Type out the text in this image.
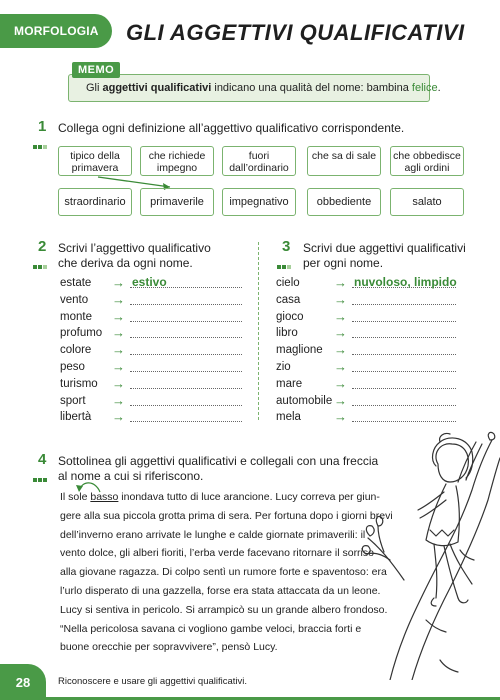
MORFOLOGIA	GLI AGGETTIVI QUALIFICATIVI
MEMO
Gli aggettivi qualificativi indicano una qualità del nome: bambina felice.
1 Collega ogni definizione all’aggettivo qualificativo corrispondente.
tipico della primavera
che richiede impegno
fuori dall’ordinario
che sa di sale	che obbedisce agli ordini
straordinario	primaverile	impegnativo	obbediente	salato
2 Scrivi l’aggettivo qualificativo
che deriva da ogni nome.
estate → estivo
vento →
monte →
profumo →
colore →
peso →
turismo →
sport →
libertà →
3 Scrivi due aggettivi qualificativi
per ogni nome.
cielo	→ nuvoloso, limpido
casa	→
gioco →
libro	→
maglione →
zio	→
mare →
automobile →
mela	→
4 Sottolinea gli aggettivi qualificativi e collegali con una freccia
al nome a cui si riferiscono.

Il sole basso inondava tutto di luce arancione. Lucy correva per giun-

gere alla sua piccola grotta prima di sera. Per fortuna dopo i giorni brevi

dell’inverno erano arrivate le lunghe e calde giornate primaverili: il

vento dolce, gli alberi fioriti, l’erba verde facevano ritornare il sorriso

alla giovane ragazza. Di colpo sentì un rumore forte e spaventoso: era

l’urlo disperato di una gazzella, forse era stata attaccata da un leone.

Lucy si sentiva in pericolo. Si arrampicò su un grande albero frondoso.

“Nella pericolosa savana ci vogliono gambe veloci, braccia forti e

buone orecchie per sopravvivere”, pensò Lucy.

28	Riconoscere e usare gli aggettivi qualificativi.
